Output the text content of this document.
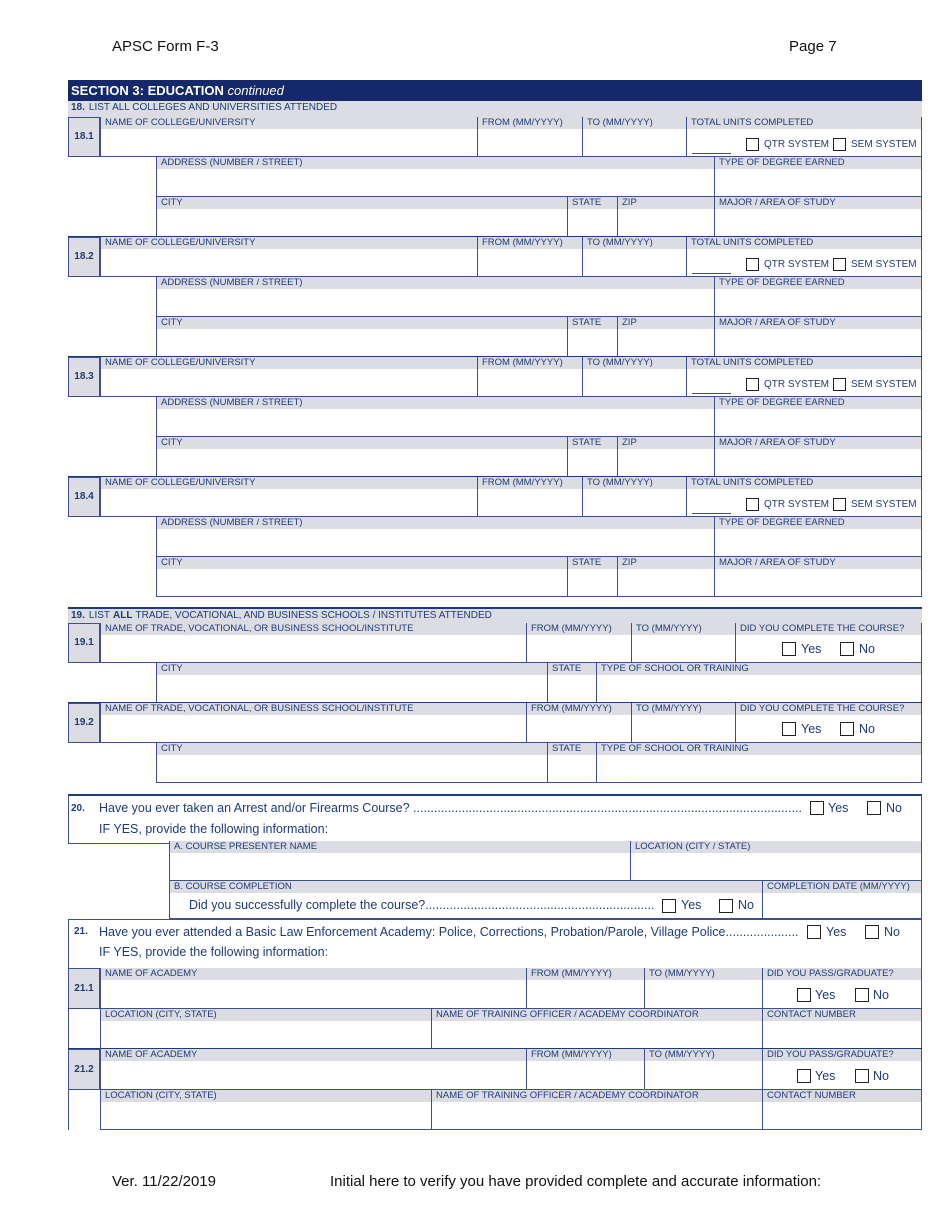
APSC Form F-3	Page 7
SECTION 3: EDUCATION continued
18. LIST ALL COLLEGES AND UNIVERSITIES ATTENDED
18.1
NAME OF COLLEGE/UNIVERSITY	FROM (MM/YYYY)	TO (MM/YYYY)	TOTAL UNITS COMPLETED
QTR SYSTEM SEM SYSTEM
ADDRESS (NUMBER / STREET)	TYPE OF DEGREE EARNED
CITY	STATE	ZIP	MAJOR / AREA OF STUDY
18.2
NAME OF COLLEGE/UNIVERSITY	FROM (MM/YYYY)	TO (MM/YYYY)	TOTAL UNITS COMPLETED
QTR SYSTEM SEM SYSTEM
ADDRESS (NUMBER / STREET)	TYPE OF DEGREE EARNED
CITY	STATE	ZIP	MAJOR / AREA OF STUDY
18.3
NAME OF COLLEGE/UNIVERSITY	FROM (MM/YYYY)	TO (MM/YYYY)	TOTAL UNITS COMPLETED
QTR SYSTEM SEM SYSTEM
ADDRESS (NUMBER / STREET)	TYPE OF DEGREE EARNED
CITY	STATE	ZIP	MAJOR / AREA OF STUDY
18.4
NAME OF COLLEGE/UNIVERSITY	FROM (MM/YYYY)	TO (MM/YYYY)	TOTAL UNITS COMPLETED
QTR SYSTEM SEM SYSTEM
ADDRESS (NUMBER / STREET)	TYPE OF DEGREE EARNED
CITY	STATE	ZIP	MAJOR / AREA OF STUDY
19. LIST ALL TRADE, VOCATIONAL, AND BUSINESS SCHOOLS / INSTITUTES ATTENDED
19.1
NAME OF TRADE, VOCATIONAL, OR BUSINESS SCHOOL/INSTITUTE	FROM (MM/YYYY)	TO (MM/YYYY)	DID YOU COMPLETE THE COURSE?
Yes	No
CITY	STATE	TYPE OF SCHOOL OR TRAINING
19.2
NAME OF TRADE, VOCATIONAL, OR BUSINESS SCHOOL/INSTITUTE	FROM (MM/YYYY)	TO (MM/YYYY)	DID YOU COMPLETE THE COURSE?
Yes	No
CITY	STATE	TYPE OF SCHOOL OR TRAINING
20. Have you ever taken an Arrest and/or Firearms Course? ................................................................................................................ Yes	No
IF YES, provide the following information:
A. COURSE PRESENTER NAME	LOCATION (CITY / STATE)
B. COURSE COMPLETION	COMPLETION DATE (MM/YYYY)
Did you successfully complete the course?.................................................................. Yes	No
21. Have you ever attended a Basic Law Enforcement Academy: Police, Corrections, Probation/Parole, Village Police..................... Yes	No
IF YES, provide the following information:
21.1
NAME OF ACADEMY	FROM (MM/YYYY)	TO (MM/YYYY)	DID YOU PASS/GRADUATE?
Yes	No
LOCATION (CITY, STATE)	NAME OF TRAINING OFFICER / ACADEMY COORDINATOR	CONTACT NUMBER
21.2
NAME OF ACADEMY	FROM (MM/YYYY)	TO (MM/YYYY)	DID YOU PASS/GRADUATE?
Yes	No
LOCATION (CITY, STATE)	NAME OF TRAINING OFFICER / ACADEMY COORDINATOR	CONTACT NUMBER
Ver. 11/22/2019	Initial here to verify you have provided complete and accurate information:
